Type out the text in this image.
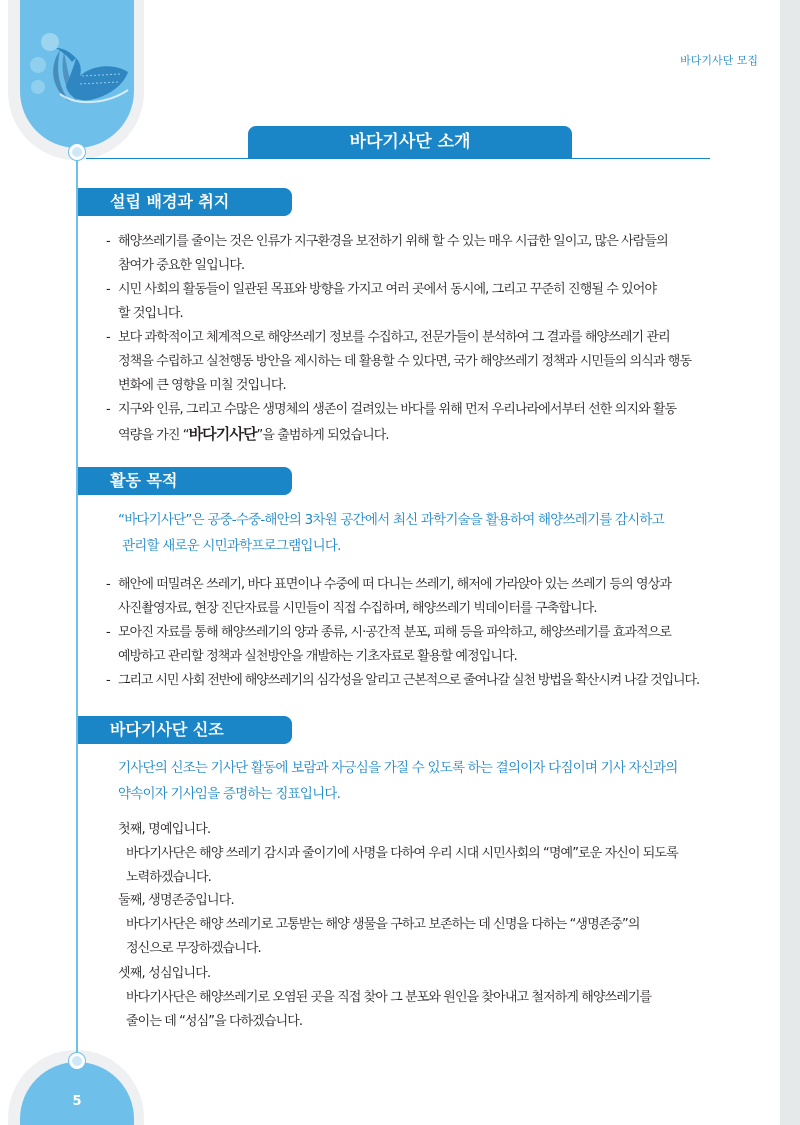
5
바다기사단 모집
바다기사단 소개
설립 배경과 취지
- 해양쓰레기를 줄이는 것은 인류가 지구환경을 보전하기 위해 할 수 있는 매우 시급한 일이고, 많은 사람들의
참여가 중요한 일입니다.
- 시민 사회의 활동들이 일관된 목표와 방향을 가지고 여러 곳에서 동시에, 그리고 꾸준히 진행될 수 있어야
할 것입니다.
- 보다 과학적이고 체계적으로 해양쓰레기 정보를 수집하고, 전문가들이 분석하여 그 결과를 해양쓰레기 관리
정책을 수립하고 실천행동 방안을 제시하는 데 활용할 수 있다면, 국가 해양쓰레기 정책과 시민들의 의식과 행동
변화에 큰 영향을 미칠 것입니다.
- 지구와 인류, 그리고 수많은 생명체의 생존이 걸려있는 바다를 위해 먼저 우리나라에서부터 선한 의지와 활동
역량을 가진 “바다기사단”을 출범하게 되었습니다.
활동 목적
“바다기사단”은 공중-수중-해안의 3차원 공간에서 최신 과학기술을 활용하여 해양쓰레기를 감시하고
관리할 새로운 시민과학프로그램입니다.
- 해안에 떠밀려온 쓰레기, 바다 표면이나 수중에 떠 다니는 쓰레기, 해저에 가라앉아 있는 쓰레기 등의 영상과
사진촬영자료, 현장 진단자료를 시민들이 직접 수집하며, 해양쓰레기 빅데이터를 구축합니다.
- 모아진 자료를 통해 해양쓰레기의 양과 종류, 시·공간적 분포, 피해 등을 파악하고, 해양쓰레기를 효과적으로
예방하고 관리할 정책과 실천방안을 개발하는 기초자료로 활용할 예정입니다.
- 그리고 시민 사회 전반에 해양쓰레기의 심각성을 알리고 근본적으로 줄여나갈 실천 방법을 확산시켜 나갈 것입니다.
바다기사단 신조
기사단의 신조는 기사단 활동에 보람과 자긍심을 가질 수 있도록 하는 결의이자 다짐이며 기사 자신과의
약속이자 기사임을 증명하는 징표입니다.
첫째, 명예입니다.
바다기사단은 해양 쓰레기 감시과 줄이기에 사명을 다하여 우리 시대 시민사회의 “명예”로운 자신이 되도록
노력하겠습니다.
둘째, 생명존중입니다.
바다기사단은 해양 쓰레기로 고통받는 해양 생물을 구하고 보존하는 데 신명을 다하는 “생명존중”의
정신으로 무장하겠습니다.
셋째, 성심입니다.
바다기사단은 해양쓰레기로 오염된 곳을 직접 찾아 그 분포와 원인을 찾아내고 철저하게 해양쓰레기를
줄이는 데 “성심”을 다하겠습니다.
